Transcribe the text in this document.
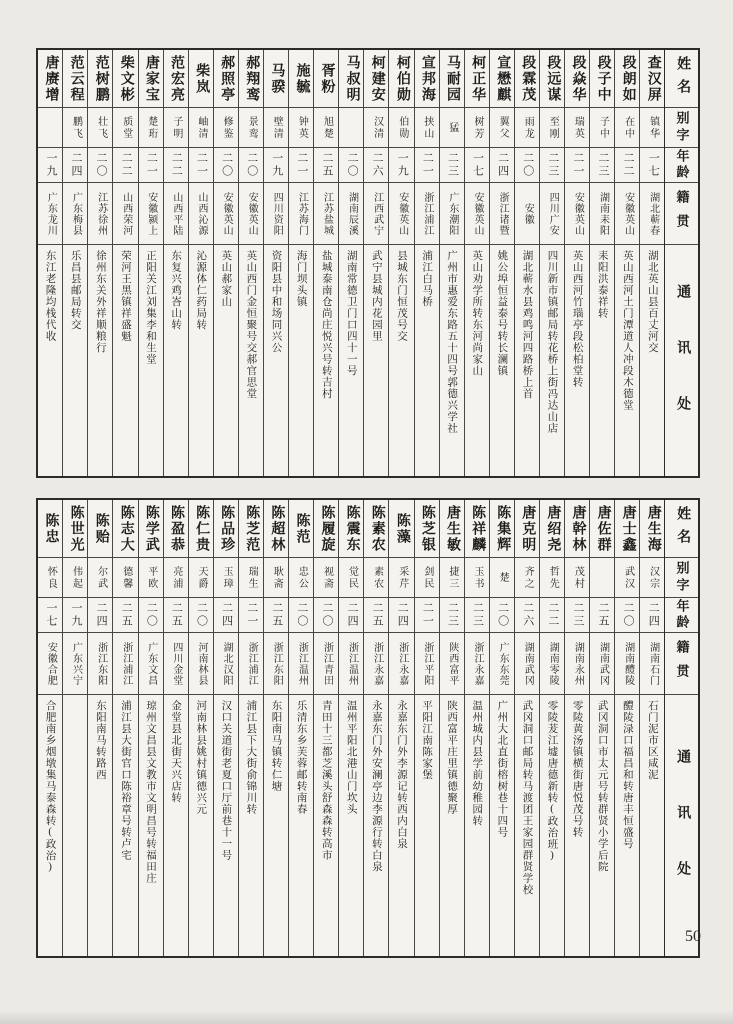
姓名
别字
年龄
籍贯
通讯处
查汉屏
镇华
一七
湖北蕲春
湖北英山县百丈河交
段朗如
在中
二二
安徽英山
英山西河土门潭道人冲段木德堂
段子中
子中
二三
湖南耒阳
耒阳洪泰祥转
段焱华
瑞英
二一
安徽英山
英山西河竹瑙亭段松柏堂转
段远谋
至刚
二三
四川广安
四川新市镇邮局转花桥上街冯达山店
段霖茂
雨龙
二〇
安徽
湖北蕲水县鸡鸣河四路桥上首
宣懋麒
翼父
二四
浙江诸暨
姚公埠恒益泰号转长澜镇
柯正华
树芳
一七
安徽英山
英山劝学所转东河尚家山
马耐园
猛
二三
广东潮阳
广州市惠爱东路五十四号郭德兴学社
宣邦海
挟山
二一
浙江浦江
浦江白马桥
柯伯勋
伯勋
一九
安徽英山
县城东门恒茂号交
柯建安
汉清
二六
江西武宁
武宁县城内花园里
马叔明
二〇
湖南辰溪
湖南常德卫门口四十一号
胥粉
旭楚
二五
江苏盐城
盐城泰南仓尚庄悦兴号转吉村
施毓
钟英
二一
江苏海门
海门坝头镇
马骙
壁清
一九
四川资阳
资阳县中和场同兴公
郝翔鸾
景鸾
二〇
安徽英山
英山西门金恒聚号交郝官思堂
郝照亭
修鉴
二〇
安徽英山
英山郝家山
柴岚
岫清
二一
山西沁源
沁源体仁药局转
范宏亮
子明
二二
山西平陆
东复兴鸡峇山转
唐家宝
楚珩
二一
安徽颍上
正阳关江刘集李和生堂
柴文彬
质堂
二二
山西荣河
荣河王黑镇祥盛魁
范树鹏
壮飞
二〇
江苏徐州
徐州东关外祥顺粮行
范云程
鹏飞
二四
广东梅县
乐昌县邮局转交
唐赓增
一九
广东龙川
东江老隆均栈代收
姓名
别字
年龄
籍贯
通讯处
唐生海
汉宗
二四
湖南石门
石门泥市区咸泥
唐士鑫
武汉
二〇
湖南醴陵
醴陵渌口福昌和转唐丰恒盛号
唐佐群
二五
湖南武冈
武冈洞口市太元号转群贤小学后院
唐幹林
茂村
二三
湖南永州
零陵黄汤镇横街唐悦茂号转
唐绍尧
哲先
二二
湖南零陵
零陵茇江墟唐德新转(政治班)
唐克明
齐之
二六
湖南武冈
武冈洞口邮局转马渡团王家园群贤学校
陈集辉
楚
二〇
广东东莞
广州大北直街榕树巷十四号
陈祥麟
玉书
二三
浙江永嘉
温州城内县学前幼稚园转
唐生敏
捷三
二三
陕西富平
陕西富平庄里镇德聚厚
陈芝银
剑民
二一
浙江平阳
平阳江南陈家堡
陈藻
采芹
二四
浙江永嘉
永嘉东门外李源记转西内白泉
陈素农
素农
二五
浙江永嘉
永嘉东门外安澜亭边李源行转白泉
陈震东
觉民
二四
浙江温州
温州平阳北港山门坎头
陈履旋
视斋
二〇
浙江青田
青田十三都芝溪头舒森森转高市
陈范
忠公
二〇
浙江温州
乐清东乡芙蓉邮转南春
陈超林
耿斋
二五
浙江东阳
东阳南马镇转仁塘
陈芝范
瑞生
二一
浙江浦江
浦江县下大街俞锦川转
陈品珍
玉璋
二四
湖北汉阳
汉口关道街老夏口厅前巷十一号
陈仁贵
天爵
二〇
河南林县
河南林县姚村镇德兴元
陈盈恭
亮浦
二五
四川金堂
金堂县北街天兴店转
陈学武
平欧
二〇
广东文昌
琼州文昌县文教市文明昌号转福田庄
陈志大
德馨
二五
浙江浦江
浦江县大街官口陈裕章号转卢宅
陈贻
尔武
二四
浙江东阳
东阳南马转路西
陈世光
伟起
一九
广东兴宁
陈忠
怀良
一七
安徽合肥
合肥南乡烟墩集马泰森转(政治)
50
